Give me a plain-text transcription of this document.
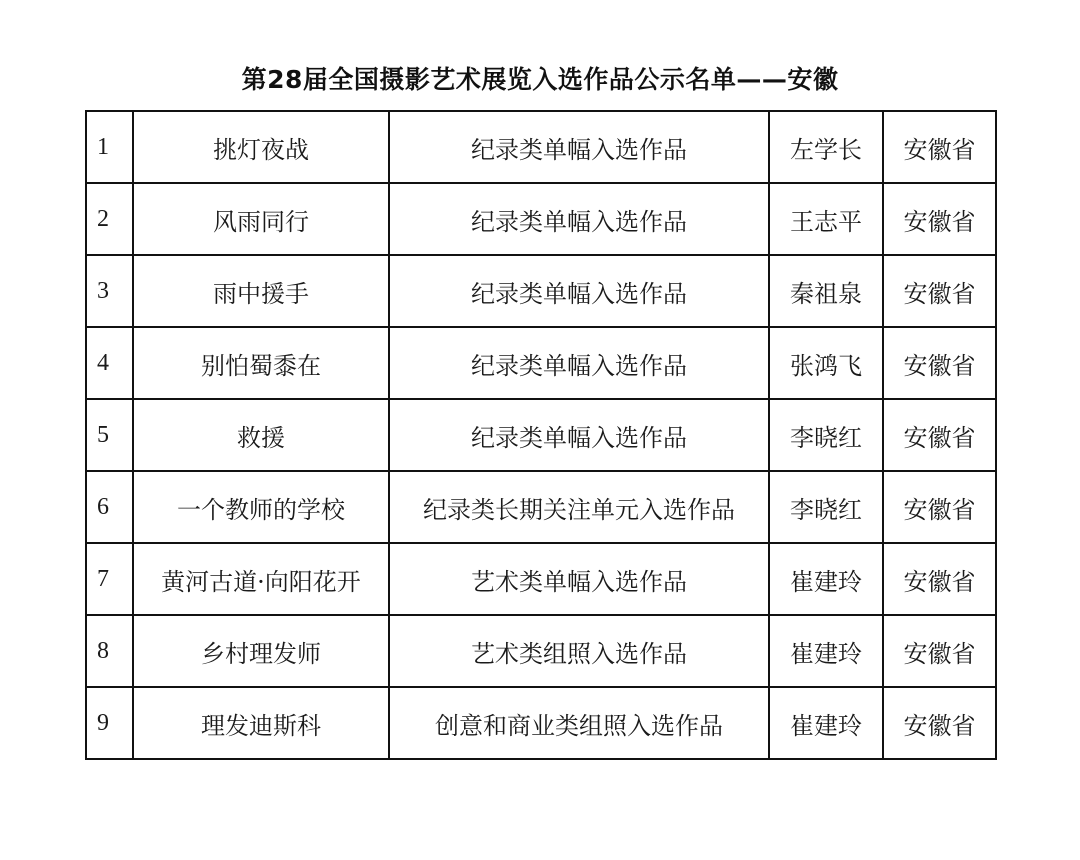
第28届全国摄影艺术展览入选作品公示名单——安徽
1	挑灯夜战	纪录类单幅入选作品	左学长	安徽省
2	风雨同行	纪录类单幅入选作品	王志平	安徽省
3	雨中援手	纪录类单幅入选作品	秦祖泉	安徽省
4	别怕蜀黍在	纪录类单幅入选作品	张鸿飞	安徽省
5	救援	纪录类单幅入选作品	李晓红	安徽省
6	一个教师的学校	纪录类长期关注单元入选作品	李晓红	安徽省
7	黄河古道·向阳花开	艺术类单幅入选作品	崔建玲	安徽省
8	乡村理发师	艺术类组照入选作品	崔建玲	安徽省
9	理发迪斯科	创意和商业类组照入选作品	崔建玲	安徽省
